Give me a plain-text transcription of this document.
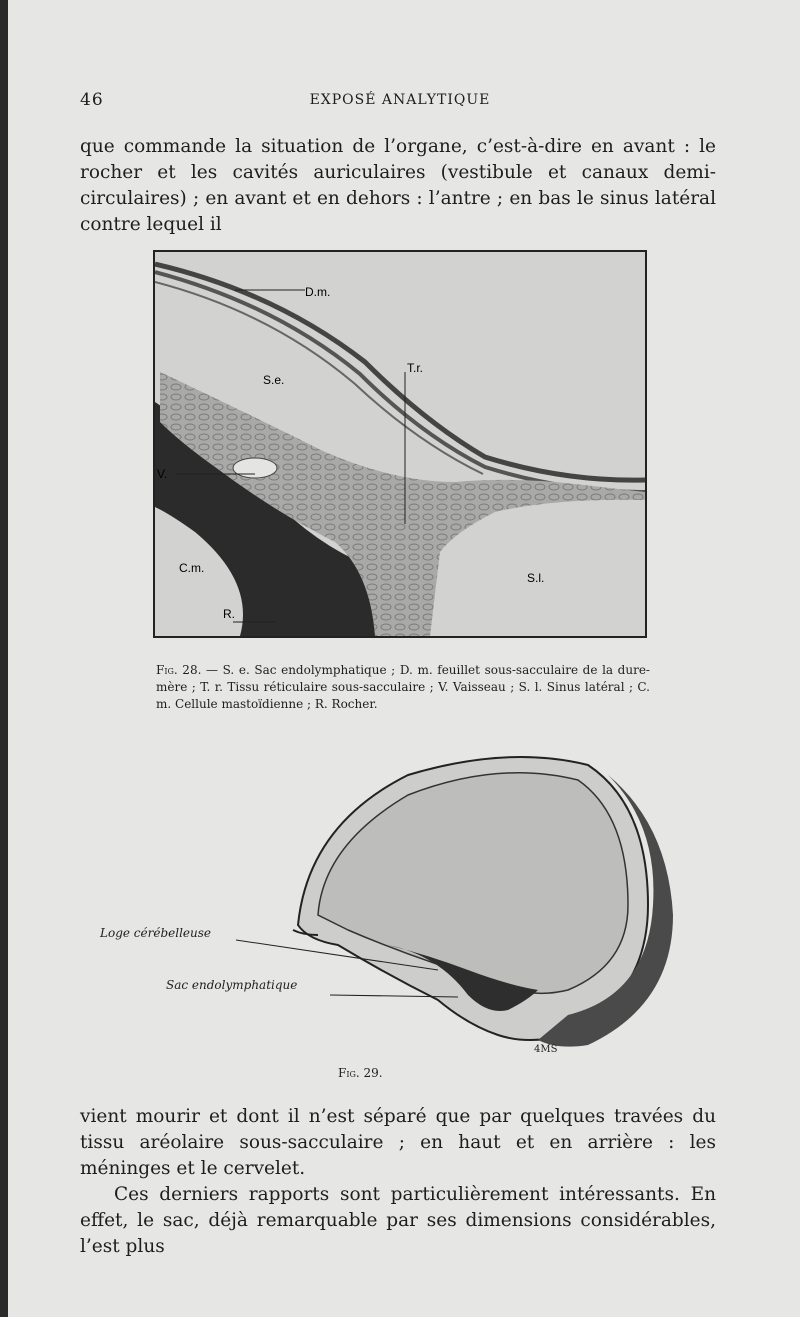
46	EXPOSÉ ANALYTIQUE

que commande la situation de l’organe, c’est-à-dire en avant : le rocher et les cavités auriculaires (vestibule et canaux demi-circulaires) ; en avant et en dehors : l’antre ; en bas le sinus latéral contre lequel il

D.m.
S.e.
T.r.
V.
C.m.
S.l.
R.
Fig. 28. — S. e. Sac endolymphatique ; D. m. feuillet sous-sacculaire de la dure-mère ; T. r. Tissu réticulaire sous-sacculaire ; V. Vaisseau ; S. l. Sinus latéral ; C. m. Cellule mastoïdienne ; R. Rocher.
Loge cérébelleuse
Sac endolymphatique
4MS
Fig. 29.

vient mourir et dont il n’est séparé que par quelques travées du tissu aréolaire sous-sacculaire ; en haut et en arrière : les méninges et le cervelet.

Ces derniers rapports sont particulièrement intéressants. En effet, le sac, déjà remarquable par ses dimensions considérables, l’est plus
